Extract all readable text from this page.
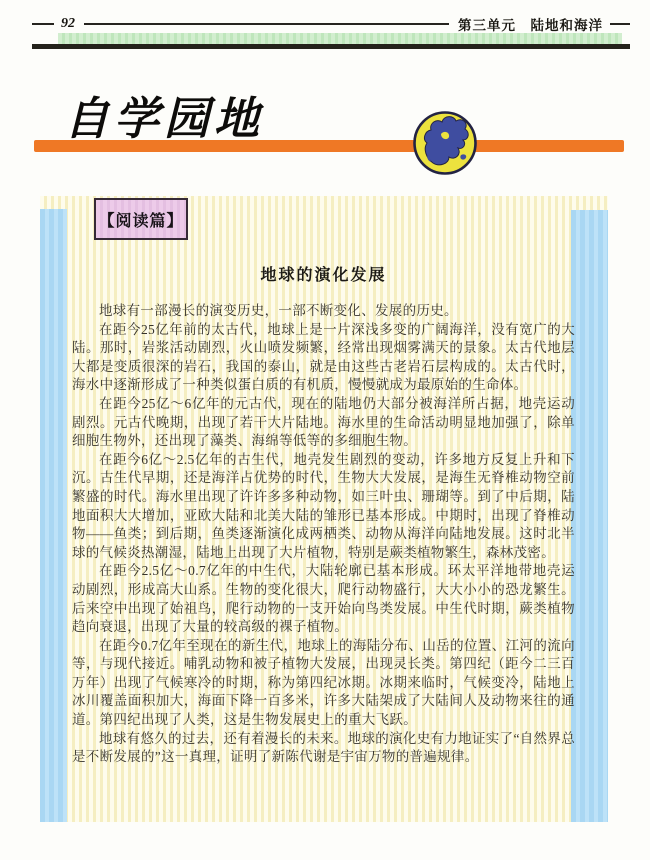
92	第三单元　陆地和海洋
自学园地
【阅读篇】
地球的演化发展

地球有一部漫长的演变历史，一部不断变化、发展的历史。

在距今25亿年前的太古代，地球上是一片深浅多变的广阔海洋，没有宽广的大陆。那时，岩浆活动剧烈，火山喷发频繁，经常出现烟雾满天的景象。太古代地层大都是变质很深的岩石，我国的泰山，就是由这些古老岩石层构成的。太古代时，海水中逐渐形成了一种类似蛋白质的有机质，慢慢就成为最原始的生命体。

在距今25亿～6亿年的元古代，现在的陆地仍大部分被海洋所占据，地壳运动剧烈。元古代晚期，出现了若干大片陆地。海水里的生命活动明显地加强了，除单细胞生物外，还出现了藻类、海绵等低等的多细胞生物。

在距今6亿～2.5亿年的古生代，地壳发生剧烈的变动，许多地方反复上升和下沉。古生代早期，还是海洋占优势的时代，生物大大发展，是海生无脊椎动物空前繁盛的时代。海水里出现了许许多多种动物，如三叶虫、珊瑚等。到了中后期，陆地面积大大增加，亚欧大陆和北美大陆的雏形已基本形成。中期时，出现了脊椎动物——鱼类；到后期，鱼类逐渐演化成两栖类、动物从海洋向陆地发展。这时北半球的气候炎热潮湿，陆地上出现了大片植物，特别是蕨类植物繁生，森林茂密。

在距今2.5亿～0.7亿年的中生代，大陆轮廓已基本形成。环太平洋地带地壳运动剧烈，形成高大山系。生物的变化很大，爬行动物盛行，大大小小的恐龙繁生。后来空中出现了始祖鸟，爬行动物的一支开始向鸟类发展。中生代时期，蕨类植物趋向衰退，出现了大量的较高级的裸子植物。

在距今0.7亿年至现在的新生代，地球上的海陆分布、山岳的位置、江河的流向等，与现代接近。哺乳动物和被子植物大发展，出现灵长类。第四纪（距今二三百万年）出现了气候寒冷的时期，称为第四纪冰期。冰期来临时，气候变冷，陆地上冰川覆盖面积加大，海面下降一百多米，许多大陆架成了大陆间人及动物来往的通道。第四纪出现了人类，这是生物发展史上的重大飞跃。

地球有悠久的过去，还有着漫长的未来。地球的演化史有力地证实了“自然界总是不断发展的”这一真理，证明了新陈代谢是宇宙万物的普遍规律。
